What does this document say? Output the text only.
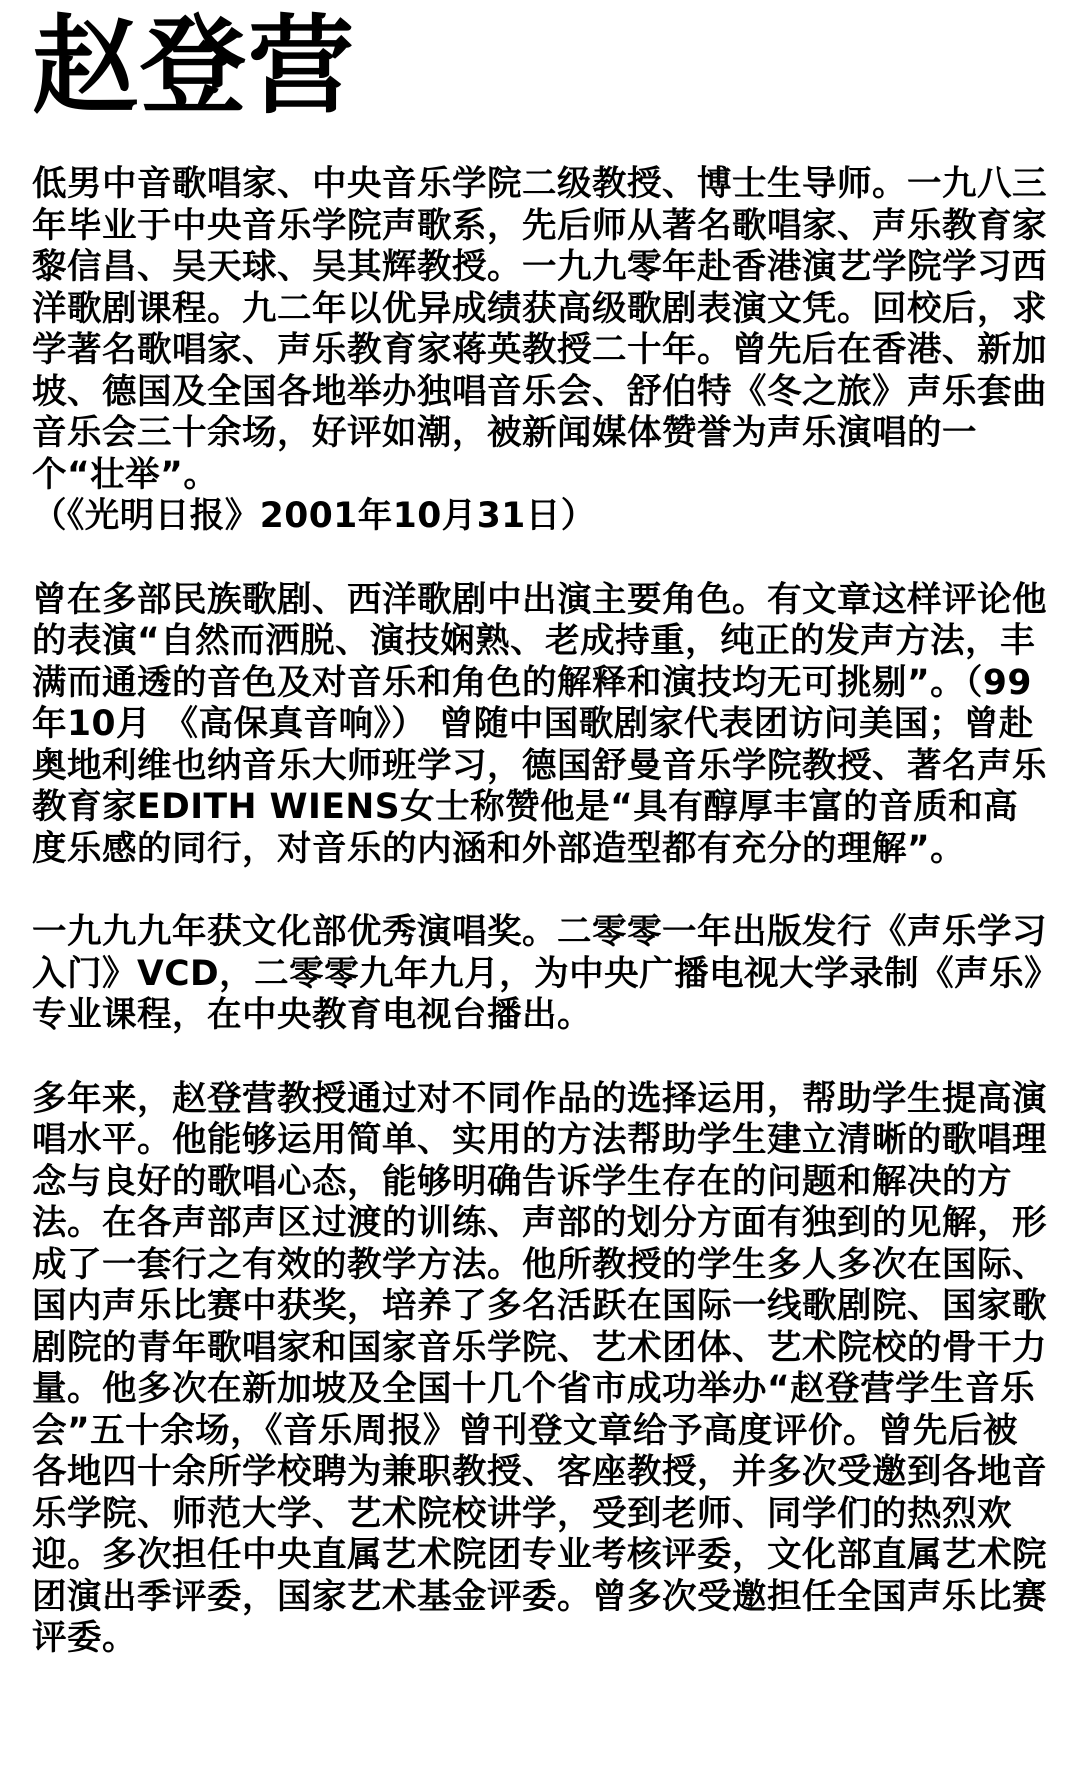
赵登营

低男中音歌唱家、中央音乐学院二级教授、博士生导师。一九八三年毕业于中央音乐学院声歌系，先后师从著名歌唱家、声乐教育家黎信昌、吴天球、吴其辉教授。一九九零年赴香港演艺学院学习西洋歌剧课程。九二年以优异成绩获高级歌剧表演文凭。回校后，求学著名歌唱家、声乐教育家蒋英教授二十年。曾先后在香港、新加坡、德国及全国各地举办独唱音乐会、舒伯特《冬之旅》声乐套曲音乐会三十余场，好评如潮，被新闻媒体赞誉为声乐演唱的一个“壮举”。
（《光明日报》2001年10月31日）

曾在多部民族歌剧、西洋歌剧中出演主要角色。有文章这样评论他的表演“自然而洒脱、演技娴熟、老成持重，纯正的发声方法，丰满而通透的音色及对音乐和角色的解释和演技均无可挑剔”。（99年10月 《高保真音响》） 曾随中国歌剧家代表团访问美国；曾赴奥地利维也纳音乐大师班学习，德国舒曼音乐学院教授、著名声乐教育家EDITH WIENS女士称赞他是“具有醇厚丰富的音质和高度乐感的同行，对音乐的内涵和外部造型都有充分的理解”。

一九九九年获文化部优秀演唱奖。二零零一年出版发行《声乐学习入门》VCD，二零零九年九月，为中央广播电视大学录制《声乐》专业课程，在中央教育电视台播出。

多年来，赵登营教授通过对不同作品的选择运用，帮助学生提高演唱水平。他能够运用简单、实用的方法帮助学生建立清晰的歌唱理念与良好的歌唱心态，能够明确告诉学生存在的问题和解决的方法。在各声部声区过渡的训练、声部的划分方面有独到的见解，形成了一套行之有效的教学方法。他所教授的学生多人多次在国际、国内声乐比赛中获奖，培养了多名活跃在国际一线歌剧院、国家歌剧院的青年歌唱家和国家音乐学院、艺术团体、艺术院校的骨干力量。他多次在新加坡及全国十几个省市成功举办“赵登营学生音乐会”五十余场，《音乐周报》曾刊登文章给予高度评价。曾先后被各地四十余所学校聘为兼职教授、客座教授，并多次受邀到各地音乐学院、师范大学、艺术院校讲学，受到老师、同学们的热烈欢迎。多次担任中央直属艺术院团专业考核评委，文化部直属艺术院团演出季评委，国家艺术基金评委。曾多次受邀担任全国声乐比赛评委。
